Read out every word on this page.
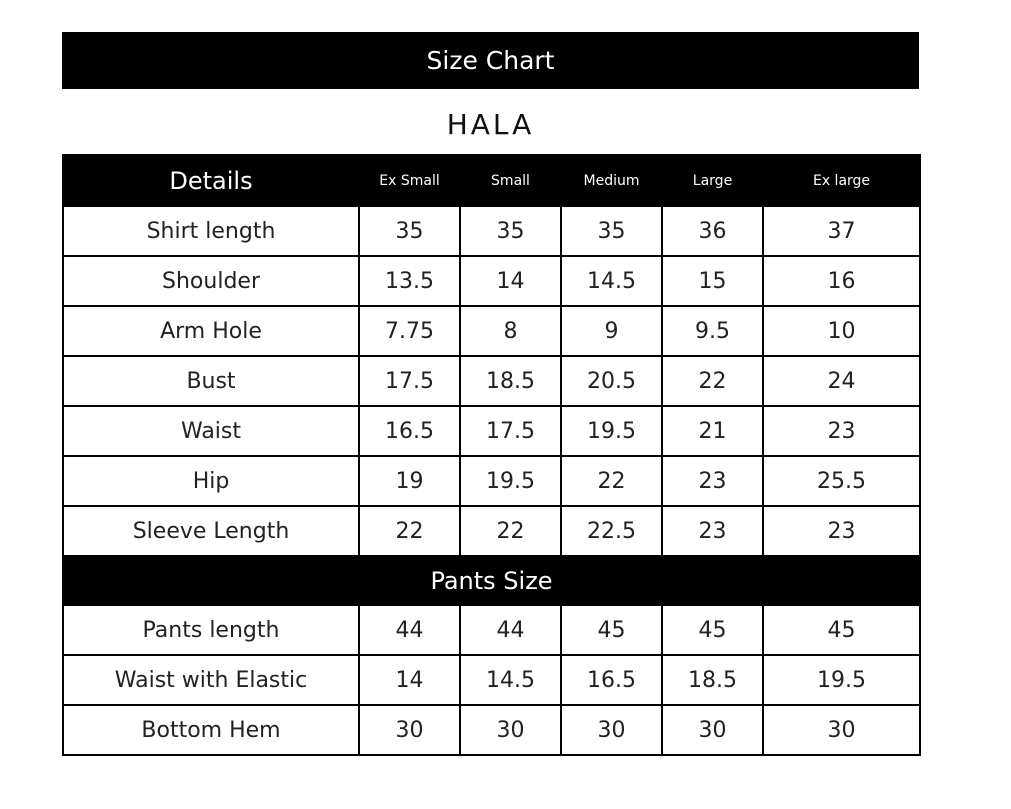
Size Chart
HALA
Details	Ex Small	Small	Medium	Large	Ex large
Shirt length	35	35	35	36	37
Shoulder	13.5	14	14.5	15	16
Arm Hole	7.75	8	9	9.5	10
Bust	17.5	18.5	20.5	22	24
Waist	16.5	17.5	19.5	21	23
Hip	19	19.5	22	23	25.5
Sleeve Length	22	22	22.5	23	23
Pants Size					
Pants length	44	44	45	45	45
Waist with Elastic	14	14.5	16.5	18.5	19.5
Bottom Hem	30	30	30	30	30
